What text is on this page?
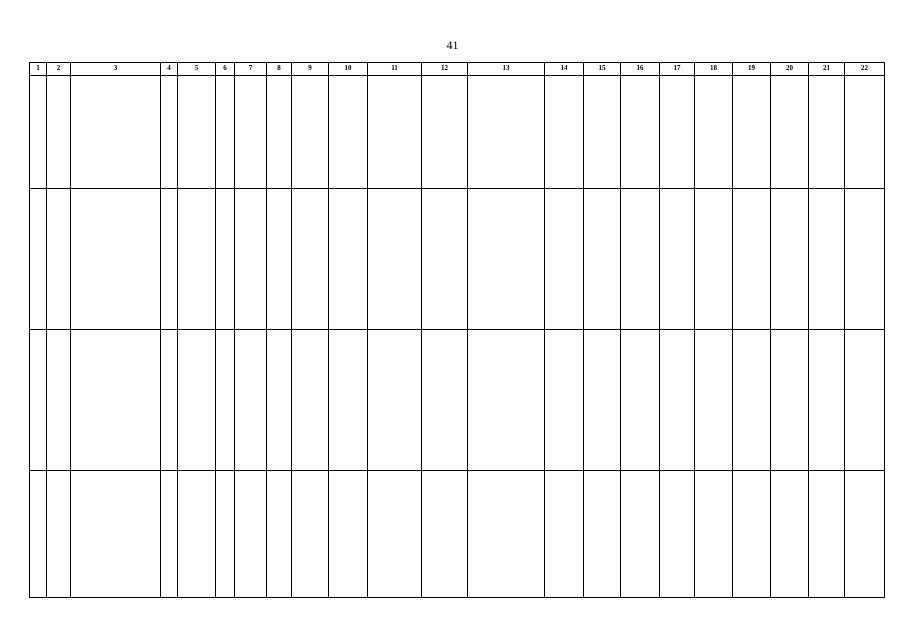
41
1	2	3	4	5	6	7	8	9	10	11	12	13	14	15	16	17	18	19	20	21	22
